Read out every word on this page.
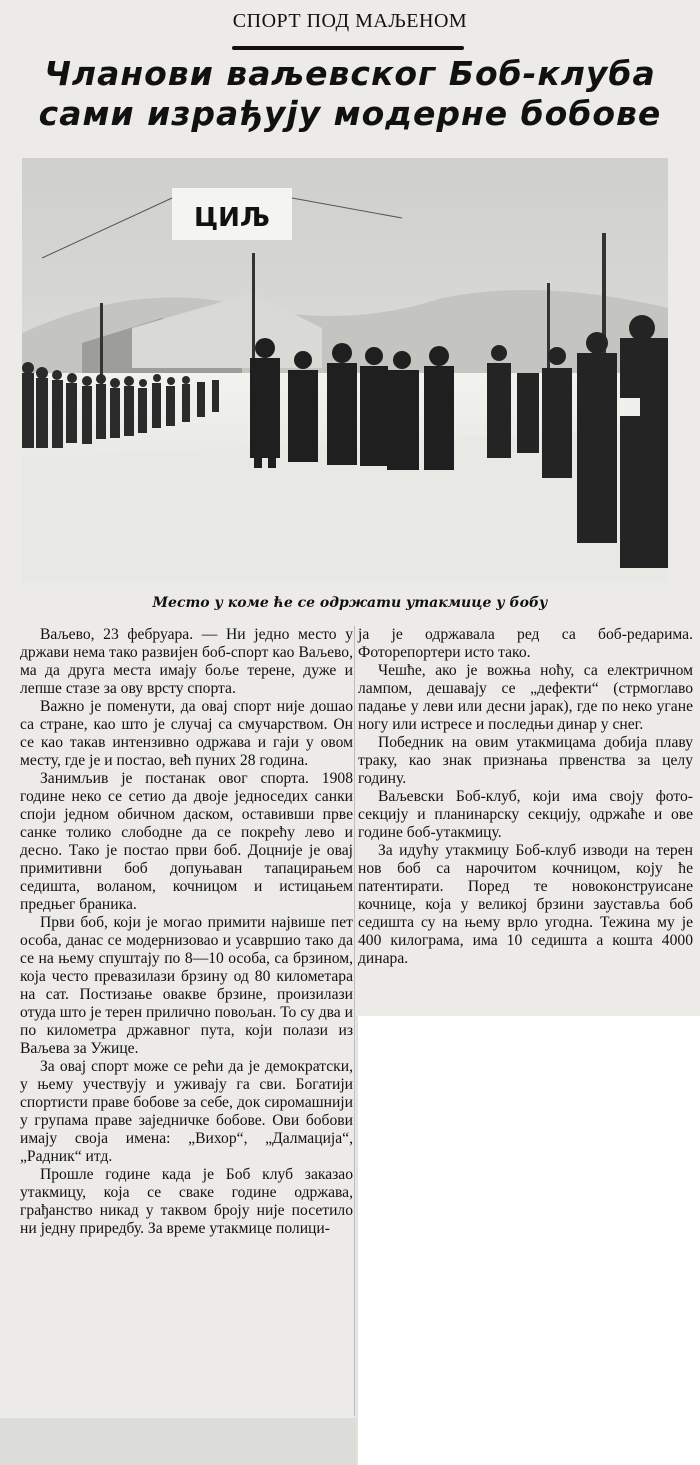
СПОРТ ПОД МАЉЕНОМ
Чланови ваљевског Боб-клуба
сами израђују модерне бобове
ЦИЉ
Место у коме ће се одржати утакмице у бобу

Ваљево, 23 фебруара. — Ни једно место у држави нема тако развијен боб-спорт као Ваљево, ма да друга места имају боље терене, дуже и лепше стазе за ову врсту спорта.

Важно је поменути, да овај спорт није дошао са стране, као што је случај са смучарством. Он се као такав интензивно одржава и гаји у овом месту, где је и постао, већ пуних 28 година.

Занимљив је постанак овог спорта. 1908 године неко се сетио да двоје једноседих санки споји једном обичном даском, оставивши прве санке толико слободне да се покрећу лево и десно. Тако је постао први боб. Доцније је овај примитивни боб допуњаван тапацирањем седишта, воланом, кочницом и истицањем предњег браника.

Први боб, који је могао примити највише пет особа, данас се модернизовао и усавршио тако да се на њему спуштају по 8—10 особа, са брзином, која често превазилази брзину од 80 километара на сат. Постизање овакве брзине, произилази отуда што је терен прилично повољан. То су два и по километра државног пута, који полази из Ваљева за Ужице.

За овај спорт може се рећи да је демократски, у њему учествују и уживају га сви. Богатији спортисти праве бобове за себе, док сиромашнији у групама праве заједничке бобове. Ови бобови имају своја имена: „Вихор“, „Далмација“, „Радник“ итд.

Прошле године када је Боб клуб заказао утакмицу, која се сваке године одржава, грађанство никад у таквом броју није посетило ни једну приредбу. За време утакмице полици-

ја је одржавала ред са боб-редарима. Фоторепортери исто тако.

Чешће, ако је вожња ноћу, са електричном лампом, дешавају се „дефекти“ (стрмоглаво падање у леви или десни јарак), где по неко угане ногу или истресе и последњи динар у снег.

Победник на овим утакмицама добија плаву траку, као знак признања првенства за целу годину.

Ваљевски Боб-клуб, који има своју фото-секцију и планинарску секцију, одржаће и ове године боб-утакмицу.

За идућу утакмицу Боб-клуб изводи на терен нов боб са нарочитом кочницом, коју ће патентирати. Поред те новоконструисане кочнице, која у великој брзини зауставља боб седишта су на њему врло угодна. Тежина му је 400 килограма, има 10 седишта а кошта 4000 динара.
